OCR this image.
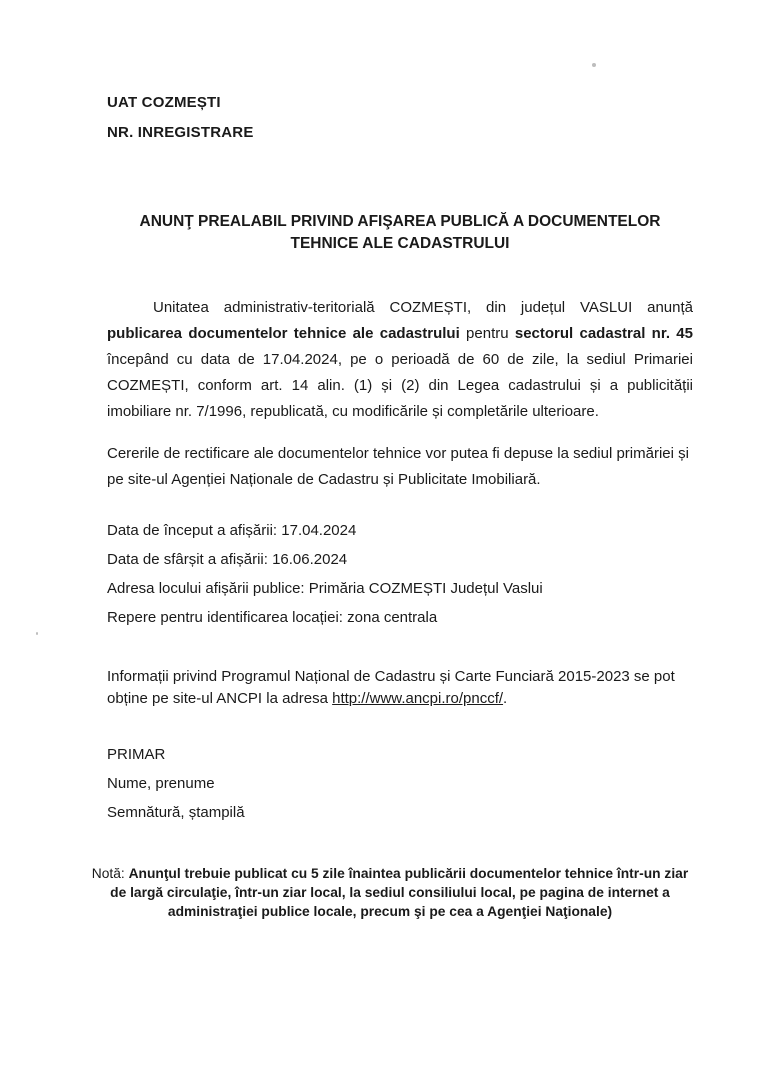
UAT COZMEȘTI
NR. INREGISTRARE
ANUNŢ PREALABIL PRIVIND AFIŞAREA PUBLICĂ A DOCUMENTELOR
TEHNICE ALE CADASTRULUI
Unitatea administrativ-teritorială COZMEȘTI, din județul VASLUI anunță publicarea documentelor tehnice ale cadastrului pentru sectorul cadastral nr. 45 începând cu data de 17.04.2024, pe o perioadă de 60 de zile, la sediul Primariei COZMEȘTI, conform art. 14 alin. (1) și (2) din Legea cadastrului și a publicității imobiliare nr. 7/1996, republicată, cu modificările și completările ulterioare.
Cererile de rectificare ale documentelor tehnice vor putea fi depuse la sediul primăriei și pe site-ul Agenției Naționale de Cadastru și Publicitate Imobiliară.
Data de început a afișării: 17.04.2024
Data de sfârșit a afișării: 16.06.2024
Adresa locului afișării publice: Primăria COZMEȘTI Județul Vaslui
Repere pentru identificarea locației: zona centrala
Informații privind Programul Național de Cadastru și Carte Funciară 2015-2023 se pot obține pe site-ul ANCPI la adresa http://www.ancpi.ro/pnccf/.
PRIMAR
Nume, prenume
Semnătură, ștampilă
Notă: Anunţul trebuie publicat cu 5 zile înaintea publicării documentelor tehnice într-un ziar de largă circulaţie, într-un ziar local, la sediul consiliului local, pe pagina de internet a administraţiei publice locale, precum şi pe cea a Agenţiei Naţionale)
